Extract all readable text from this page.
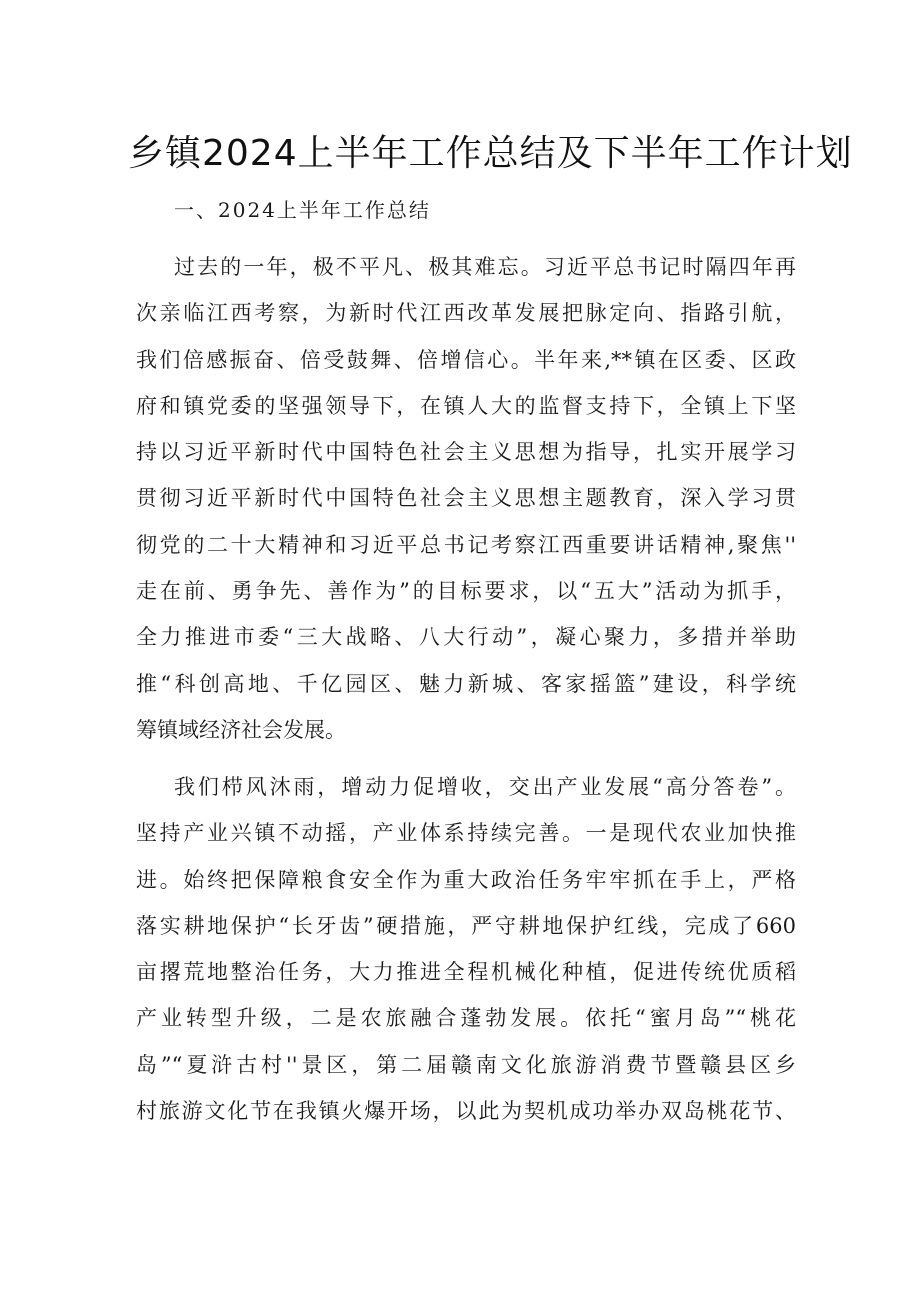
乡镇2024上半年工作总结及下半年工作计划
一、2024上半年工作总结
过去的一年，极不平凡、极其难忘。习近平总书记时隔四年再
次亲临江西考察，为新时代江西改革发展把脉定向、指路引航，
我们倍感振奋、倍受鼓舞、倍增信心。半年来,**镇在区委、区政
府和镇党委的坚强领导下，在镇人大的监督支持下，全镇上下坚
持以习近平新时代中国特色社会主义思想为指导，扎实开展学习
贯彻习近平新时代中国特色社会主义思想主题教育，深入学习贯
彻党的二十大精神和习近平总书记考察江西重要讲话精神,聚焦''
走在前、勇争先、善作为”的目标要求，以“五大”活动为抓手，
全力推进市委“三大战略、八大行动”，凝心聚力，多措并举助
推“科创高地、千亿园区、魅力新城、客家摇篮”建设，科学统
筹镇域经济社会发展。
我们栉风沐雨，增动力促增收，交出产业发展“高分答卷”。
坚持产业兴镇不动摇，产业体系持续完善。一是现代农业加快推
进。始终把保障粮食安全作为重大政治任务牢牢抓在手上，严格
落实耕地保护“长牙齿”硬措施，严守耕地保护红线，完成了660
亩撂荒地整治任务，大力推进全程机械化种植，促进传统优质稻
产业转型升级，二是农旅融合蓬勃发展。依托“蜜月岛”“桃花
岛”“夏浒古村''景区，第二届赣南文化旅游消费节暨赣县区乡
村旅游文化节在我镇火爆开场，以此为契机成功举办双岛桃花节、
